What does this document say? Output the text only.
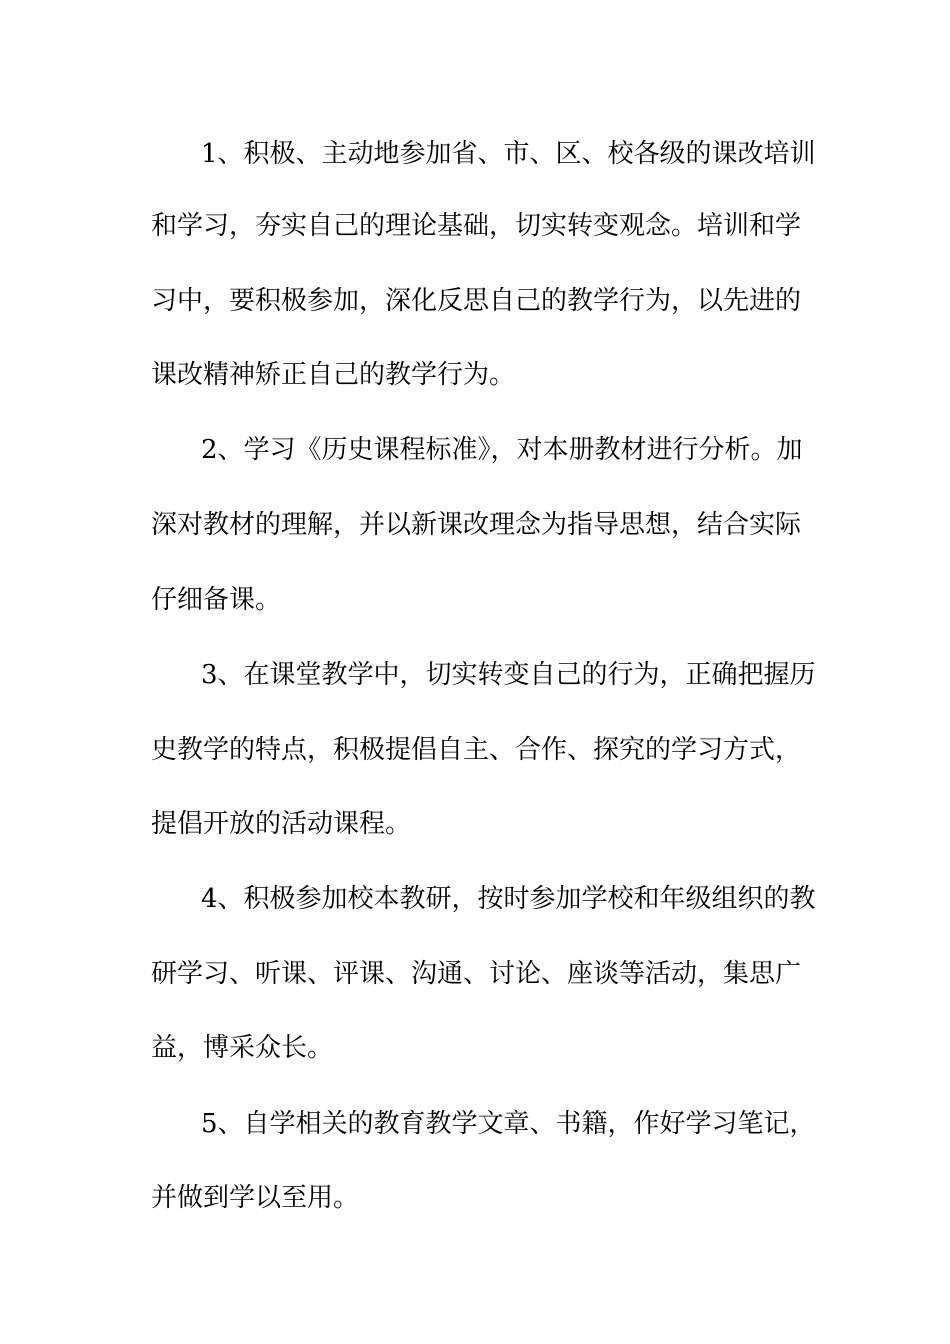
1、积极、主动地参加省、市、区、校各级的课改培训
和学习，夯实自己的理论基础，切实转变观念。培训和学
习中，要积极参加，深化反思自己的教学行为，以先进的
课改精神矫正自己的教学行为。
2、学习《历史课程标准》，对本册教材进行分析。加
深对教材的理解，并以新课改理念为指导思想，结合实际
仔细备课。
3、在课堂教学中，切实转变自己的行为，正确把握历
史教学的特点，积极提倡自主、合作、探究的学习方式，
提倡开放的活动课程。
4、积极参加校本教研，按时参加学校和年级组织的教
研学习、听课、评课、沟通、讨论、座谈等活动，集思广
益，博采众长。
5、自学相关的教育教学文章、书籍，作好学习笔记，
并做到学以至用。
